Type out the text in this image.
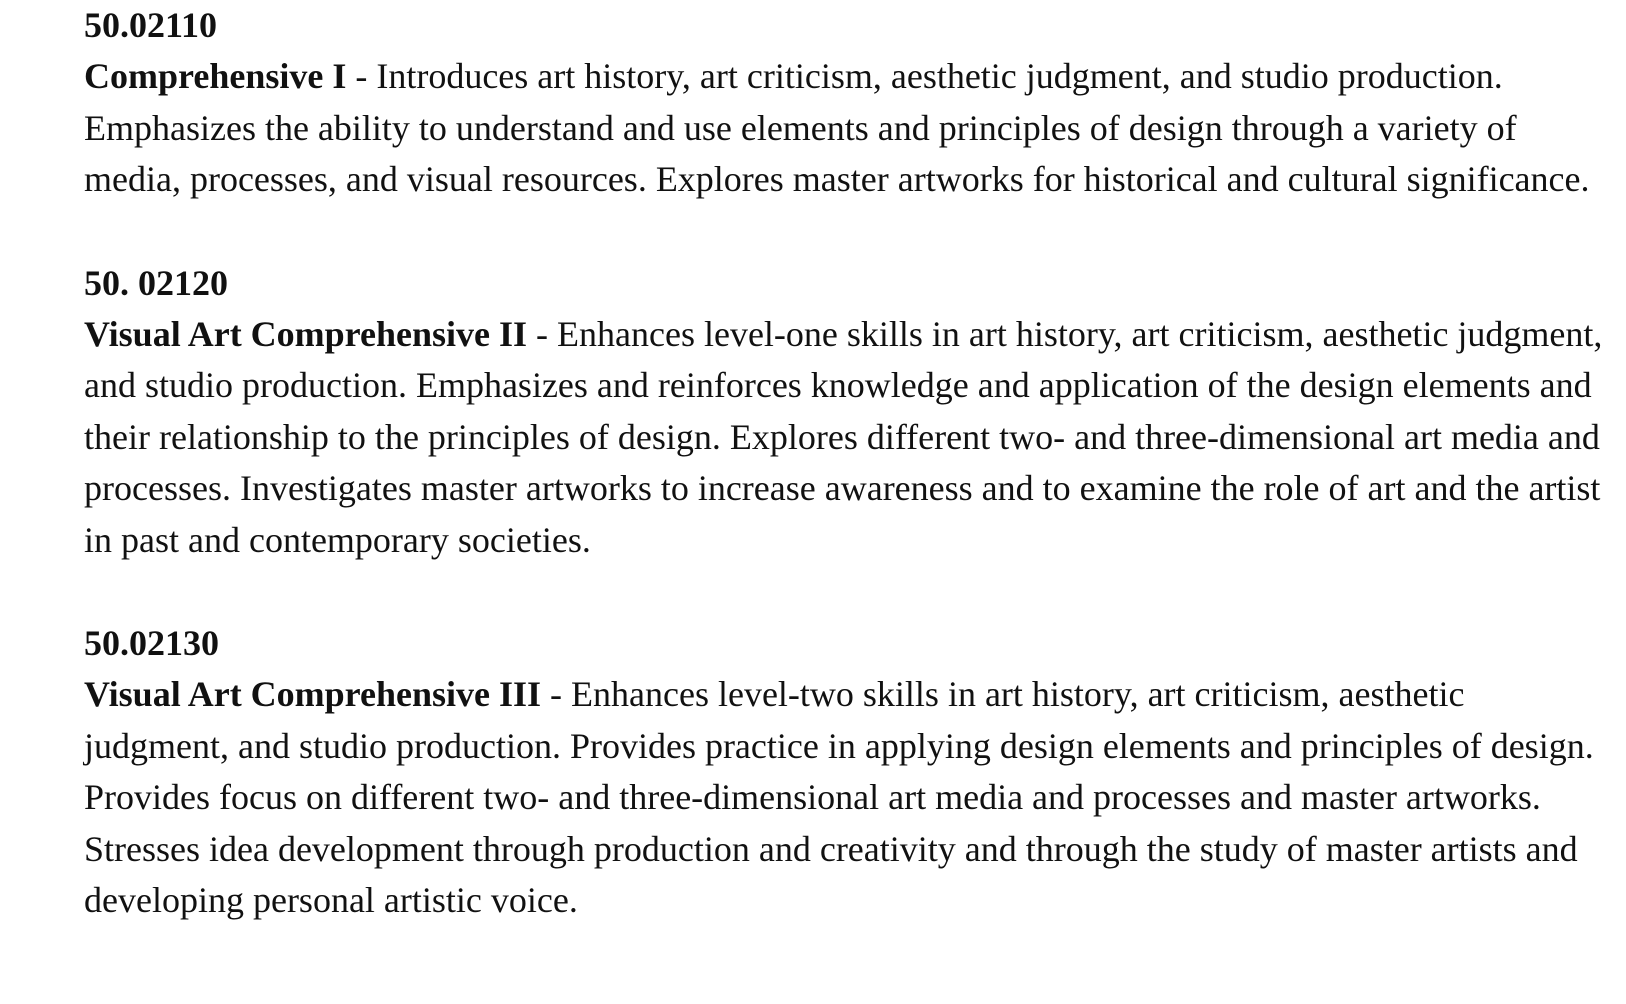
50.02110

Comprehensive I - Introduces art history, art criticism, aesthetic judgment, and studio production. Emphasizes the ability to understand and use elements and principles of design through a variety of media, processes, and visual resources. Explores master artworks for historical and cultural significance.

50. 02120

Visual Art Comprehensive II - Enhances level-one skills in art history, art criticism, aesthetic judgment, and studio production. Emphasizes and reinforces knowledge and application of the design elements and their relationship to the principles of design. Explores different two- and three-dimensional art media and processes. Investigates master artworks to increase awareness and to examine the role of art and the artist in past and contemporary societies.

50.02130

Visual Art Comprehensive III - Enhances level-two skills in art history, art criticism, aesthetic judgment, and studio production. Provides practice in applying design elements and principles of design. Provides focus on different two- and three-dimensional art media and processes and master artworks. Stresses idea development through production and creativity and through the study of master artists and developing personal artistic voice.
